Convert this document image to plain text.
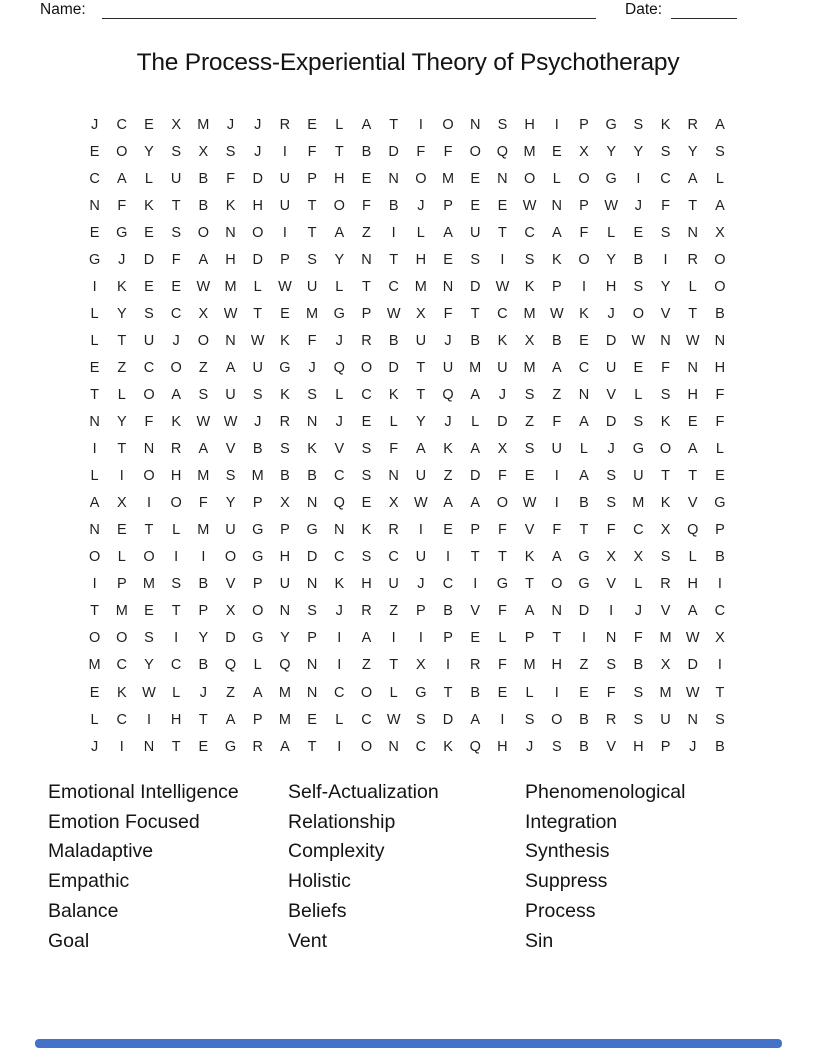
Name:	Date:
The Process-Experiential Theory of Psychotherapy
J	C	E	X	M	J	J	R	E	L	A	T	I	O	N	S	H	I	P	G	S	K	R	A
E	O	Y	S	X	S	J	I	F	T	B	D	F	F	O	Q	M	E	X	Y	Y	S	Y	S
C	A	L	U	B	F	D	U	P	H	E	N	O	M	E	N	O	L	O	G	I	C	A	L
N	F	K	T	B	K	H	U	T	O	F	B	J	P	E	E	W	N	P	W	J	F	T	A
E	G	E	S	O	N	O	I	T	A	Z	I	L	A	U	T	C	A	F	L	E	S	N	X
G	J	D	F	A	H	D	P	S	Y	N	T	H	E	S	I	S	K	O	Y	B	I	R	O
I	K	E	E	W M	L	W	U	L	T	C	M	N	D	W	K	P	I	H	S	Y	L	O
L	Y	S	C	X	W	T	E	M	G	P	W	X	F	T	C	M W	K	J	O	V	T	B
L	T	U	J	O	N	W	K	F	J	R	B	U	J	B	K	X	B	E	D	W	N	W	N
E	Z	C	O	Z	A	U	G	J	Q	O	D	T	U	M	U	M	A	C	U	E	F	N	H
T	L	O	A	S	U	S	K	S	L	C	K	T	Q	A	J	S	Z	N	V	L	S	H	F
N	Y	F	K	W W	J	R	N	J	E	L	Y	J	L	D	Z	F	A	D	S	K	E	F
I	T	N	R	A	V	B	S	K	V	S	F	A	K	A	X	S	U	L	J	G	O	A	L
L	I	O	H	M	S	M	B	B	C	S	N	U	Z	D	F	E	I	A	S	U	T	T	E
A	X	I	O	F	Y	P	X	N	Q	E	X	W	A	A	O	W	I	B	S	M	K	V	G
N	E	T	L	M	U	G	P	G	N	K	R	I	E	P	F	V	F	T	F	C	X	Q	P
O	L	O	I	I	O	G	H	D	C	S	C	U	I	T	T	K	A	G	X	X	S	L	B
I	P	M	S	B	V	P	U	N	K	H	U	J	C	I	G	T	O	G	V	L	R	H	I
T	M	E	T	P	X	O	N	S	J	R	Z	P	B	V	F	A	N	D	I	J	V	A	C
O	O	S	I	Y	D	G	Y	P	I	A	I	I	P	E	L	P	T	I	N	F	M W	X
M	C	Y	C	B	Q	L	Q	N	I	Z	T	X	I	R	F	M	H	Z	S	B	X	D	I
E	K	W	L	J	Z	A	M	N	C	O	L	G	T	B	E	L	I	E	F	S	M W	T
L	C	I	H	T	A	P	M	E	L	C	W	S	D	A	I	S	O	B	R	S	U	N	S
J	I	N	T	E	G	R	A	T	I	O	N	C	K	Q	H	J	S	B	V	H	P	J	B
Emotional Intelligence
Emotion Focused
Maladaptive
Empathic
Balance
Goal
Self-Actualization
Relationship
Complexity
Holistic
Beliefs
Vent
Phenomenological
Integration
Synthesis
Suppress
Process
Sin
